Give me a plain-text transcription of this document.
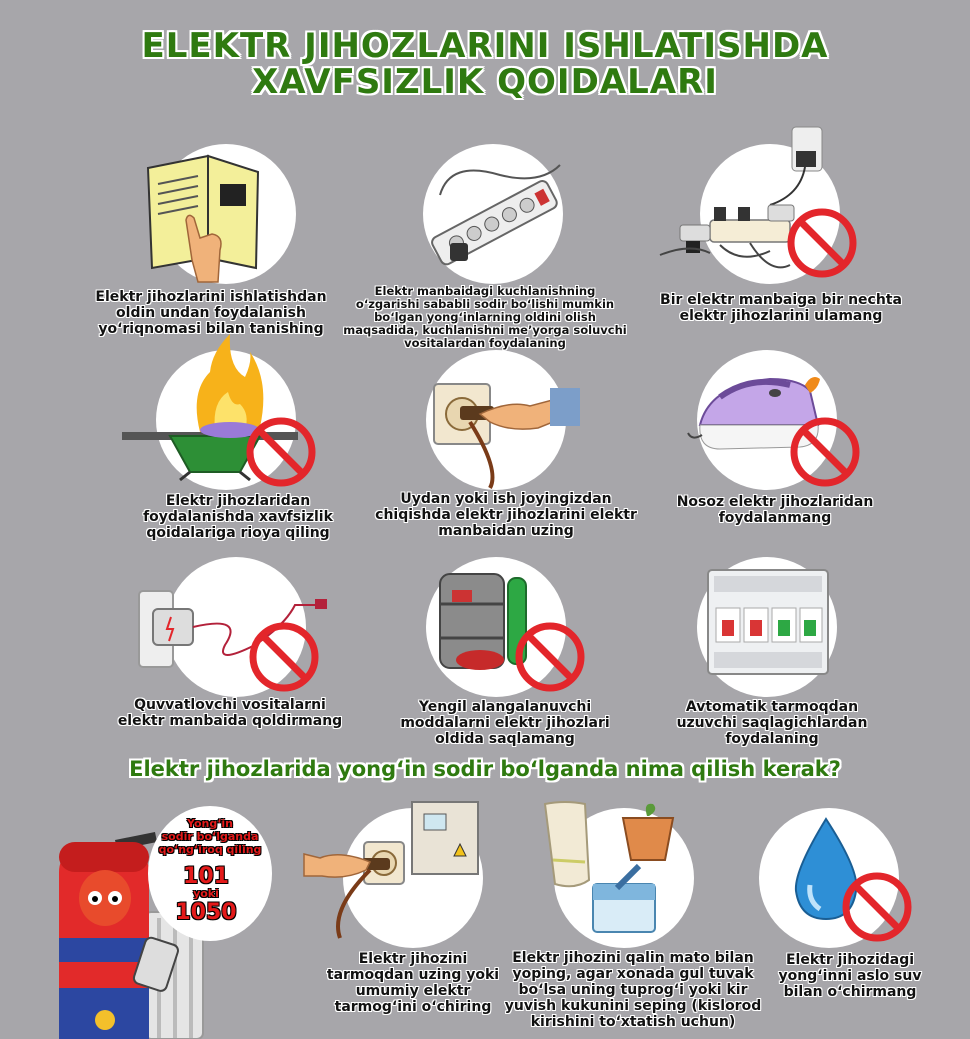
ELEKTR JIHOZLARINI ISHLATISHDA
XAVFSIZLIK QOIDALARI
Elektr jihozlarini ishlatishdan oldin undan foydalanish yo‘riqnomasi bilan tanishing
Elektr manbaidagi kuchlanishning o‘zgarishi sababli sodir bo‘lishi mumkin bo‘lgan yong‘inlarning oldini olish maqsadida, kuchlanishni me’yorga soluvchi vositalardan foydalaning
Bir elektr manbaiga bir nechta elektr jihozlarini ulamang
Elektr jihozlaridan foydalanishda xavfsizlik qoidalariga rioya qiling
Uydan yoki ish joyingizdan chiqishda elektr jihozlarini elektr manbaidan uzing
Nosoz elektr jihozlaridan foydalanmang
Quvvatlovchi vositalarni elektr manbaida qoldirmang
Yengil alangalanuvchi moddalarni elektr jihozlari oldida saqlamang
Avtomatik tarmoqdan uzuvchi saqlagichlardan foydalaning
Elektr jihozlarida yong‘in sodir bo‘lganda nima qilish kerak?
Yong‘in
sodir bo‘lganda
qo‘ng‘iroq qiling
101
yoki
1050
Elektr jihozini tarmoqdan uzing yoki umumiy elektr tarmog‘ini o‘chiring
Elektr jihozini qalin mato bilan yoping, agar xonada gul tuvak bo‘lsa uning tuprog‘i yoki kir yuvish kukunini seping (kislorod kirishini to‘xtatish uchun)
Elektr jihozidagi yong‘inni aslo suv bilan o‘chirmang
